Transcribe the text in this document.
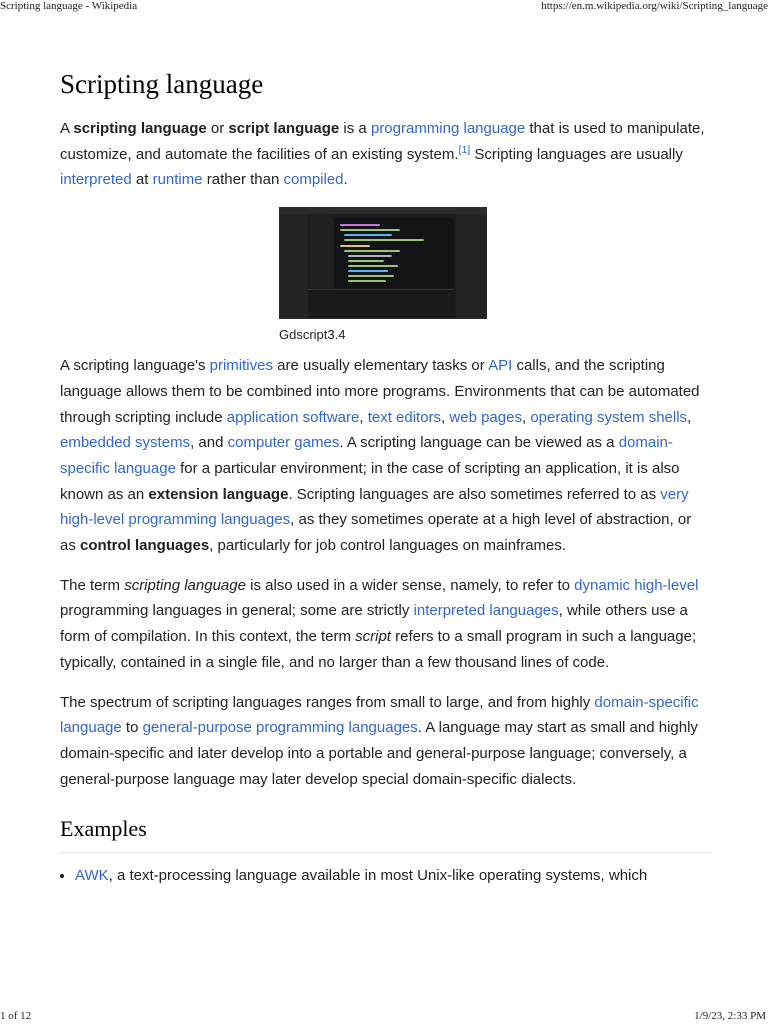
Scripting language - Wikipedia	https://en.m.wikipedia.org/wiki/Scripting_language
Scripting language

A scripting language or script language is a programming language that is used to manipulate, customize, and automate the facilities of an existing system.[1] Scripting languages are usually interpreted at runtime rather than compiled.

Gdscript3.4

A scripting language's primitives are usually elementary tasks or API calls, and the scripting language allows them to be combined into more programs. Environments that can be automated through scripting include application software, text editors, web pages, operating system shells, embedded systems, and computer games. A scripting language can be viewed as a domain-specific language for a particular environment; in the case of scripting an application, it is also known as an extension language. Scripting languages are also sometimes referred to as very high-level programming languages, as they sometimes operate at a high level of abstraction, or as control languages, particularly for job control languages on mainframes.

The term scripting language is also used in a wider sense, namely, to refer to dynamic high-level programming languages in general; some are strictly interpreted languages, while others use a form of compilation. In this context, the term script refers to a small program in such a language; typically, contained in a single file, and no larger than a few thousand lines of code.

The spectrum of scripting languages ranges from small to large, and from highly domain-specific language to general-purpose programming languages. A language may start as small and highly domain-specific and later develop into a portable and general-purpose language; conversely, a general-purpose language may later develop special domain-specific dialects.

Examples
• AWK, a text-processing language available in most Unix-like operating systems, which
1 of 12	1/9/23, 2:33 PM
